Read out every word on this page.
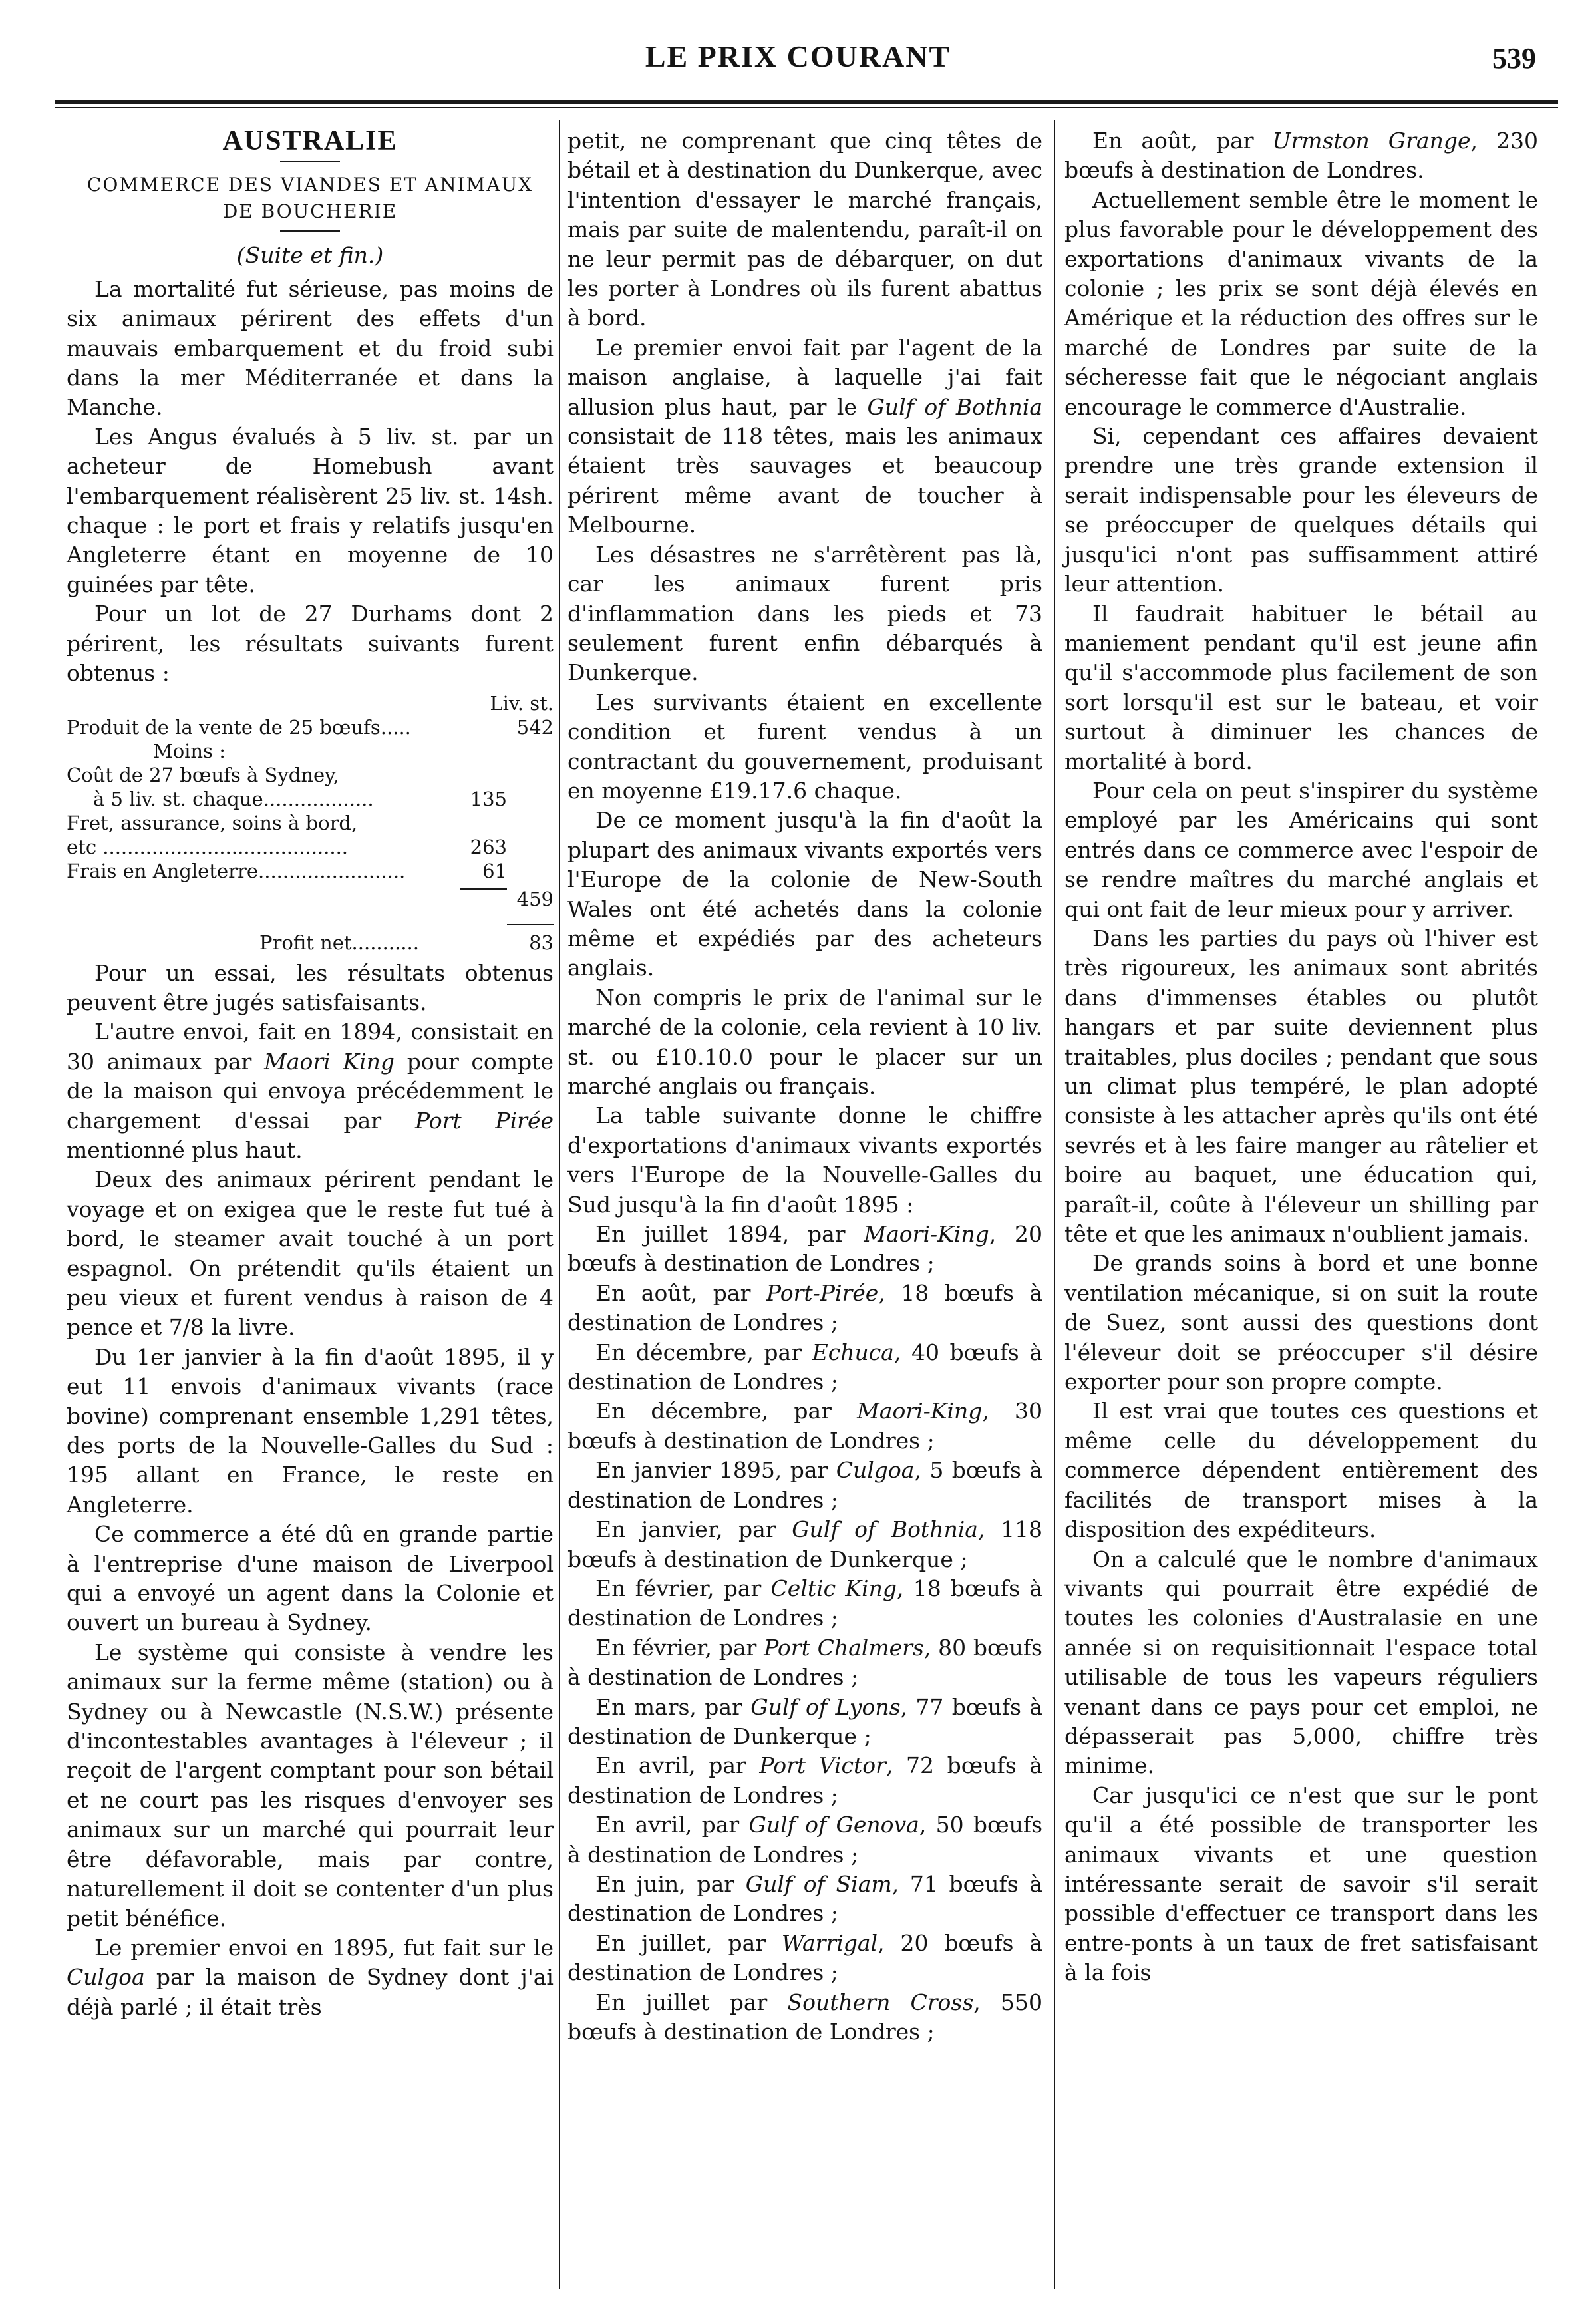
LE PRIX COURANT	539
AUSTRALIE
COMMERCE DES VIANDES ET ANIMAUX DE BOUCHERIE
(Suite et fin.)

La mortalité fut sérieuse, pas moins de six animaux périrent des effets d'un mauvais embarquement et du froid subi dans la mer Méditerranée et dans la Manche.

Les Angus évalués à 5 liv. st. par un acheteur de Homebush avant l'embarquement réalisèrent 25 liv. st. 14sh. chaque : le port et frais y relatifs jusqu'en Angleterre étant en moyenne de 10 guinées par tête.

Pour un lot de 27 Durhams dont 2 périrent, les résultats suivants furent obtenus :

Liv. st.
Produit de la vente de 25 bœufs.....	542
Moins :
Coût de 27 bœufs à Sydney,
à 5 liv. st. chaque..................	135
Fret, assurance, soins à bord,
etc ........................................	263
Frais en Angleterre........................	61
459
Profit net...........	83

Pour un essai, les résultats obtenus peuvent être jugés satisfaisants.

L'autre envoi, fait en 1894, consistait en 30 animaux par Maori King pour compte de la maison qui envoya précédemment le chargement d'essai par Port Pirée mentionné plus haut.

Deux des animaux périrent pendant le voyage et on exigea que le reste fut tué à bord, le steamer avait touché à un port espagnol. On prétendit qu'ils étaient un peu vieux et furent vendus à raison de 4 pence et 7/8 la livre.

Du 1er janvier à la fin d'août 1895, il y eut 11 envois d'animaux vivants (race bovine) comprenant ensemble 1,291 têtes, des ports de la Nouvelle-Galles du Sud : 195 allant en France, le reste en Angleterre.

Ce commerce a été dû en grande partie à l'entreprise d'une maison de Liverpool qui a envoyé un agent dans la Colonie et ouvert un bureau à Sydney.

Le système qui consiste à vendre les animaux sur la ferme même (station) ou à Sydney ou à Newcastle (N.S.W.) présente d'incontestables avantages à l'éleveur ; il reçoit de l'argent comptant pour son bétail et ne court pas les risques d'envoyer ses animaux sur un marché qui pourrait leur être défavorable, mais par contre, naturellement il doit se contenter d'un plus petit bénéfice.

Le premier envoi en 1895, fut fait sur le Culgoa par la maison de Sydney dont j'ai déjà parlé ; il était très

petit, ne comprenant que cinq têtes de bétail et à destination du Dunkerque, avec l'intention d'essayer le marché français, mais par suite de malentendu, paraît-il on ne leur permit pas de débarquer, on dut les porter à Londres où ils furent abattus à bord.

Le premier envoi fait par l'agent de la maison anglaise, à laquelle j'ai fait allusion plus haut, par le Gulf of Bothnia consistait de 118 têtes, mais les animaux étaient très sauvages et beaucoup périrent même avant de toucher à Melbourne.

Les désastres ne s'arrêtèrent pas là, car les animaux furent pris d'inflammation dans les pieds et 73 seulement furent enfin débarqués à Dunkerque.

Les survivants étaient en excellente condition et furent vendus à un contractant du gouvernement, produisant en moyenne £19.17.6 chaque.

De ce moment jusqu'à la fin d'août la plupart des animaux vivants exportés vers l'Europe de la colonie de New-South Wales ont été achetés dans la colonie même et expédiés par des acheteurs anglais.

Non compris le prix de l'animal sur le marché de la colonie, cela revient à 10 liv. st. ou £10.10.0 pour le placer sur un marché anglais ou français.

La table suivante donne le chiffre d'exportations d'animaux vivants exportés vers l'Europe de la Nouvelle-Galles du Sud jusqu'à la fin d'août 1895 :

En juillet 1894, par Maori-King, 20 bœufs à destination de Londres ;

En août, par Port-Pirée, 18 bœufs à destination de Londres ;

En décembre, par Echuca, 40 bœufs à destination de Londres ;

En décembre, par Maori-King, 30 bœufs à destination de Londres ;

En janvier 1895, par Culgoa, 5 bœufs à destination de Londres ;

En janvier, par Gulf of Bothnia, 118 bœufs à destination de Dunkerque ;

En février, par Celtic King, 18 bœufs à destination de Londres ;

En février, par Port Chalmers, 80 bœufs à destination de Londres ;

En mars, par Gulf of Lyons, 77 bœufs à destination de Dunkerque ;

En avril, par Port Victor, 72 bœufs à destination de Londres ;

En avril, par Gulf of Genova, 50 bœufs à destination de Londres ;

En juin, par Gulf of Siam, 71 bœufs à destination de Londres ;

En juillet, par Warrigal, 20 bœufs à destination de Londres ;

En juillet par Southern Cross, 550 bœufs à destination de Londres ;

En août, par Urmston Grange, 230 bœufs à destination de Londres.

Actuellement semble être le moment le plus favorable pour le développement des exportations d'animaux vivants de la colonie ; les prix se sont déjà élevés en Amérique et la réduction des offres sur le marché de Londres par suite de la sécheresse fait que le négociant anglais encourage le commerce d'Australie.

Si, cependant ces affaires devaient prendre une très grande extension il serait indispensable pour les éleveurs de se préoccuper de quelques détails qui jusqu'ici n'ont pas suffisamment attiré leur attention.

Il faudrait habituer le bétail au maniement pendant qu'il est jeune afin qu'il s'accommode plus facilement de son sort lorsqu'il est sur le bateau, et voir surtout à diminuer les chances de mortalité à bord.

Pour cela on peut s'inspirer du système employé par les Américains qui sont entrés dans ce commerce avec l'espoir de se rendre maîtres du marché anglais et qui ont fait de leur mieux pour y arriver.

Dans les parties du pays où l'hiver est très rigoureux, les animaux sont abrités dans d'immenses étables ou plutôt hangars et par suite deviennent plus traitables, plus dociles ; pendant que sous un climat plus tempéré, le plan adopté consiste à les attacher après qu'ils ont été sevrés et à les faire manger au râtelier et boire au baquet, une éducation qui, paraît-il, coûte à l'éleveur un shilling par tête et que les animaux n'oublient jamais.

De grands soins à bord et une bonne ventilation mécanique, si on suit la route de Suez, sont aussi des questions dont l'éleveur doit se préoccuper s'il désire exporter pour son propre compte.

Il est vrai que toutes ces questions et même celle du développement du commerce dépendent entièrement des facilités de transport mises à la disposition des expéditeurs.

On a calculé que le nombre d'animaux vivants qui pourrait être expédié de toutes les colonies d'Australasie en une année si on requisitionnait l'espace total utilisable de tous les vapeurs réguliers venant dans ce pays pour cet emploi, ne dépasserait pas 5,000, chiffre très minime.

Car jusqu'ici ce n'est que sur le pont qu'il a été possible de transporter les animaux vivants et une question intéressante serait de savoir s'il serait possible d'effectuer ce transport dans les entre-ponts à un taux de fret satisfaisant à la fois
